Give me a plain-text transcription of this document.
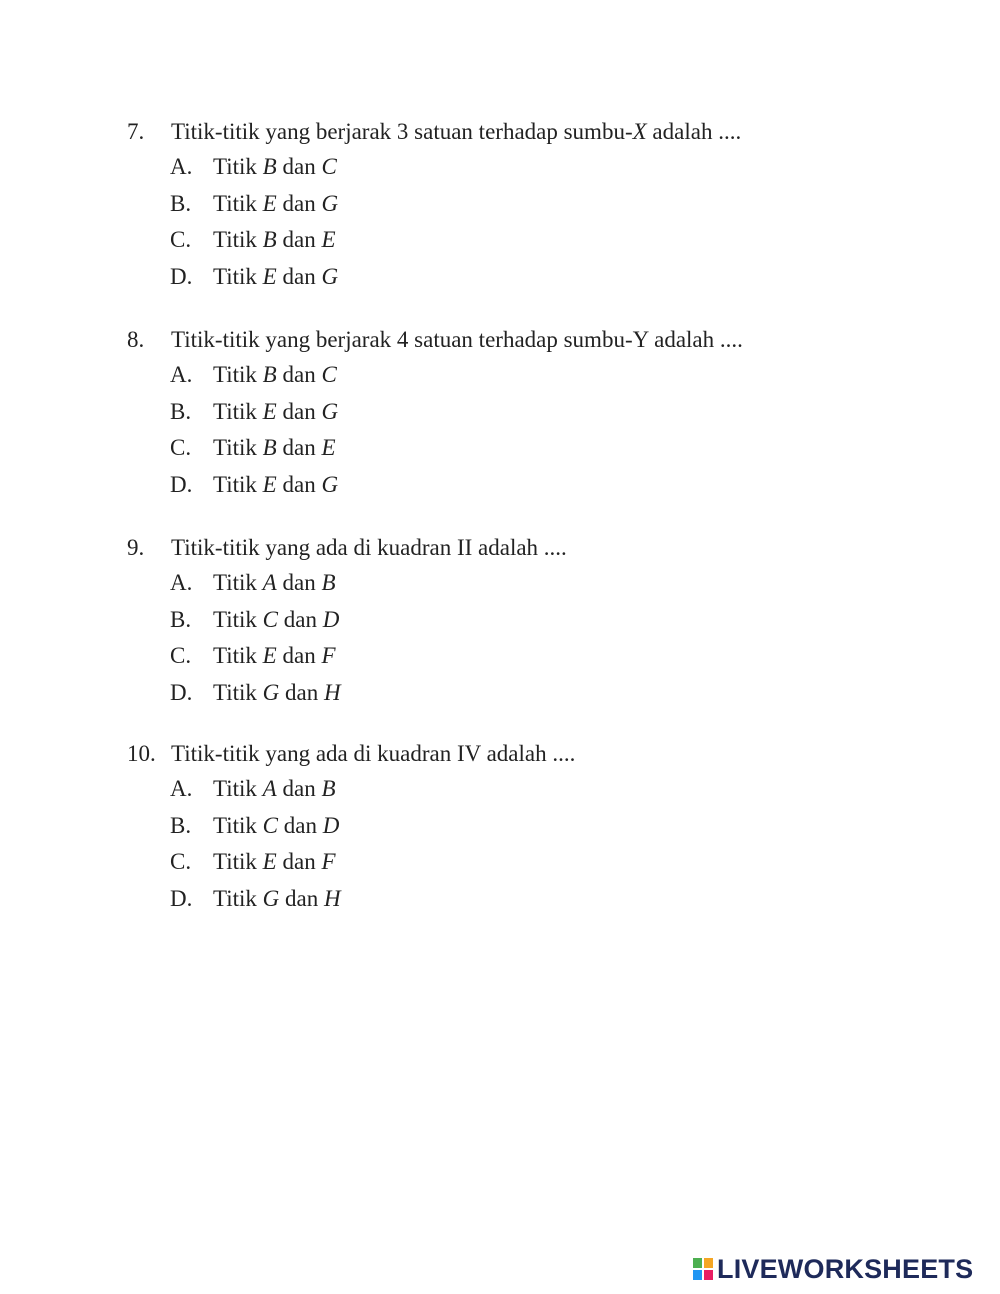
7. Titik-titik yang berjarak 3 satuan terhadap sumbu-X adalah ....
A. Titik B dan C
B. Titik E dan G
C. Titik B dan E
D. Titik E dan G
8. Titik-titik yang berjarak 4 satuan terhadap sumbu-Y adalah ....
A. Titik B dan C
B. Titik E dan G
C. Titik B dan E
D. Titik E dan G
9. Titik-titik yang ada di kuadran II adalah ....
A. Titik A dan B
B. Titik C dan D
C. Titik E dan F
D. Titik G dan H
10. Titik-titik yang ada di kuadran IV adalah ....
A. Titik A dan B
B. Titik C dan D
C. Titik E dan F
D. Titik G dan H
LIVEWORKSHEETS
